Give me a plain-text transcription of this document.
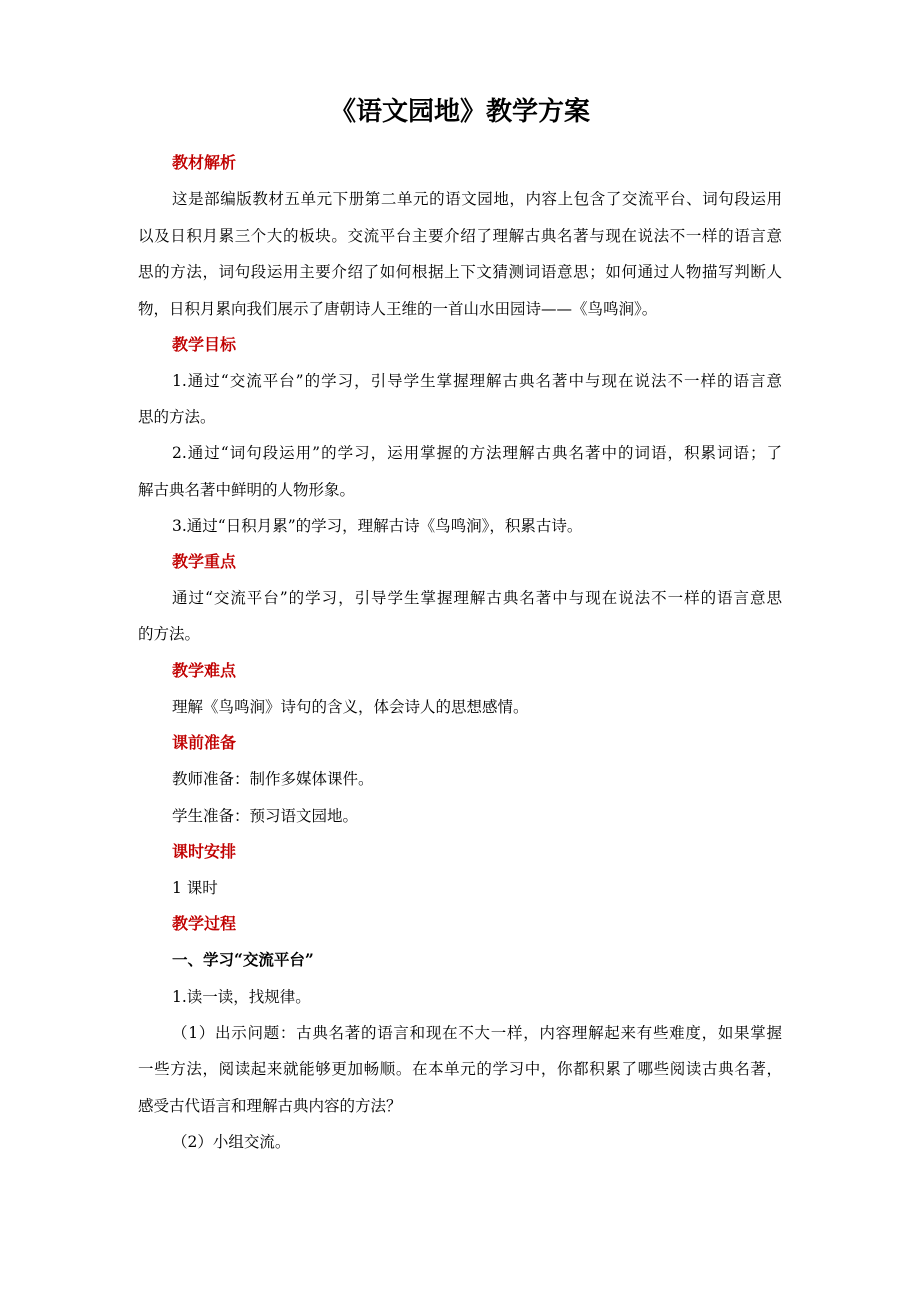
《语文园地》教学方案
教材解析
这是部编版教材五单元下册第二单元的语文园地，内容上包含了交流平台、词句段运用
以及日积月累三个大的板块。交流平台主要介绍了理解古典名著与现在说法不一样的语言意
思的方法，词句段运用主要介绍了如何根据上下文猜测词语意思；如何通过人物描写判断人
物，日积月累向我们展示了唐朝诗人王维的一首山水田园诗——《鸟鸣涧》。
教学目标
1.通过“交流平台”的学习，引导学生掌握理解古典名著中与现在说法不一样的语言意
思的方法。
2.通过“词句段运用”的学习，运用掌握的方法理解古典名著中的词语，积累词语；了
解古典名著中鲜明的人物形象。
3.通过“日积月累”的学习，理解古诗《鸟鸣涧》，积累古诗。
教学重点
通过“交流平台”的学习，引导学生掌握理解古典名著中与现在说法不一样的语言意思
的方法。
教学难点
理解《鸟鸣涧》诗句的含义，体会诗人的思想感情。
课前准备
教师准备：制作多媒体课件。
学生准备：预习语文园地。
课时安排
1 课时
教学过程
一、学习“交流平台”
1.读一读，找规律。
（1）出示问题：古典名著的语言和现在不大一样，内容理解起来有些难度，如果掌握
一些方法，阅读起来就能够更加畅顺。在本单元的学习中，你都积累了哪些阅读古典名著，
感受古代语言和理解古典内容的方法？
（2）小组交流。
